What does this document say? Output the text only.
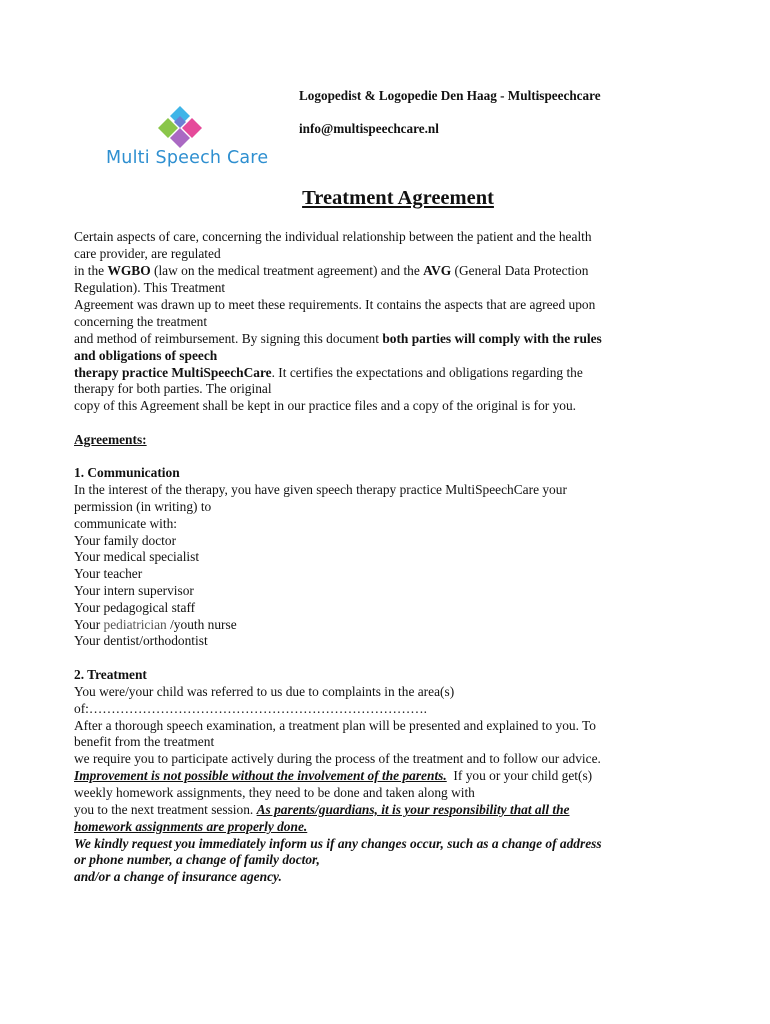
Multi Speech Care
Logopedist & Logopedie Den Haag - Multispeechcare
info@multispeechcare.nl
Treatment Agreement
Certain aspects of care, concerning the individual relationship between the patient and the health
care provider, are regulated
in the WGBO (law on the medical treatment agreement) and the AVG (General Data Protection
Regulation). This Treatment
Agreement was drawn up to meet these requirements. It contains the aspects that are agreed upon
concerning the treatment
and method of reimbursement. By signing this document both parties will comply with the rules
and obligations of speech
therapy practice MultiSpeechCare. It certifies the expectations and obligations regarding the
therapy for both parties. The original
copy of this Agreement shall be kept in our practice files and a copy of the original is for you.
Agreements:
1. Communication
In the interest of the therapy, you have given speech therapy practice MultiSpeechCare your
permission (in writing) to
communicate with:
Your family doctor
Your medical specialist
Your teacher
Your intern supervisor
Your pedagogical staff
Your pediatrician /youth nurse
Your dentist/orthodontist
2. Treatment
You were/your child was referred to us due to complaints in the area(s)
of:………………………………………………………………….
After a thorough speech examination, a treatment plan will be presented and explained to you. To
benefit from the treatment
we require you to participate actively during the process of the treatment and to follow our advice.
Improvement is not possible without the involvement of the parents.  If you or your child get(s)
weekly homework assignments, they need to be done and taken along with
you to the next treatment session. As parents/guardians, it is your responsibility that all the
homework assignments are properly done.
We kindly request you immediately inform us if any changes occur, such as a change of address
or phone number, a change of family doctor,
and/or a change of insurance agency.
